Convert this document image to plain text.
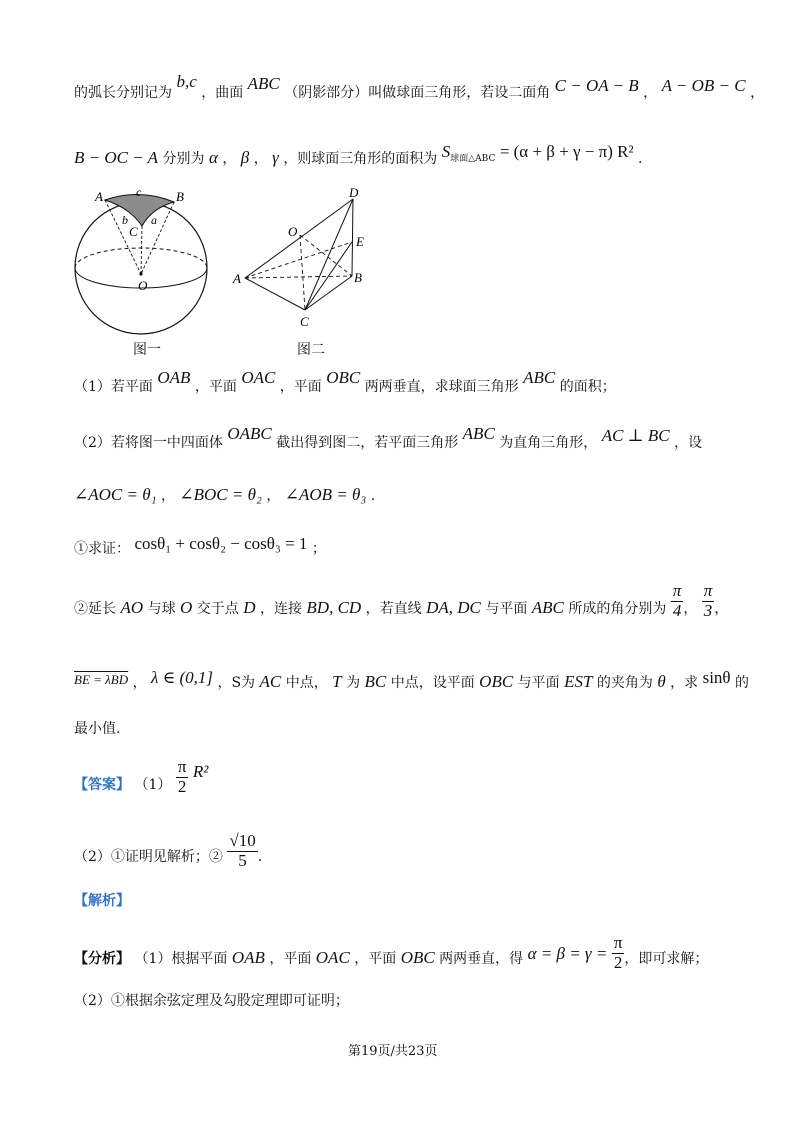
的弧长分别记为 b,c ，曲面 ABC （阴影部分）叫做球面三角形，若设二面角 C − OA − B ， A − OB − C ，
B − OC − A 分别为 α ， β ， γ ，则球面三角形的面积为 S球面△ABC = (α + β + γ − π) R² .
A	B
c
b a
C
O
图一
D
O
E
A	B
C
图二
（1）若平面 OAB ，平面 OAC ，平面 OBC 两两垂直，求球面三角形 ABC 的面积；
（2）若将图一中四面体 OABC 截出得到图二，若平面三角形 ABC 为直角三角形， AC ⊥ BC ，设
∠AOC = θ₁ ， ∠BOC = θ₂ ， ∠AOB = θ₃ .
①求证： cosθ₁ + cosθ₂ − cosθ₃ = 1 ；
②延长 AO 与球 O 交于点 D ，连接 BD, CD ，若直线 DA, DC 与平面 ABC 所成的角分别为 $\frac{\pi}{4}$ ， $\frac{\pi}{3}$ ，
BE = λBD ， λ ∈ (0,1] ，S为 AC 中点， T 为 BC 中点，设平面 OBC 与平面 EST 的夹角为 θ ，求 sinθ 的
最小值.
【答案】 $(1) \frac{\pi}{2} R^2$
（2）①证明见解析；② $\frac{√10}{5}$ .
【解析】
【分析】 （1）根据平面 OAB ，平面 OAC ，平面 OBC 两两垂直，得 $\alpha = \beta = \gamma = \frac{\pi}{2}$ ，即可求解；
（2）①根据余弦定理及勾股定理即可证明；
第19页/共23页
